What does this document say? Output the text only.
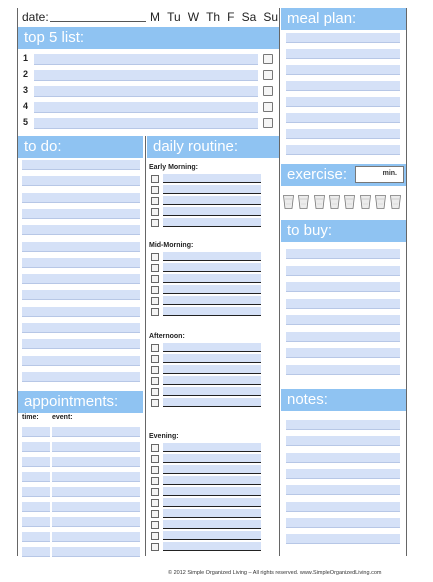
date:	M Tu W Th F Sa Su
top 5 list:
1
2
3
4
5
to do:	daily routine:
Early Morning:
Mid-Morning:
Afternoon:
Evening:
appointments:
time: event:
meal plan:
exercise:	min.
to buy:
notes:
© 2012 Simple Organized Living – All rights reserved. www.SimpleOrganizedLiving.com
